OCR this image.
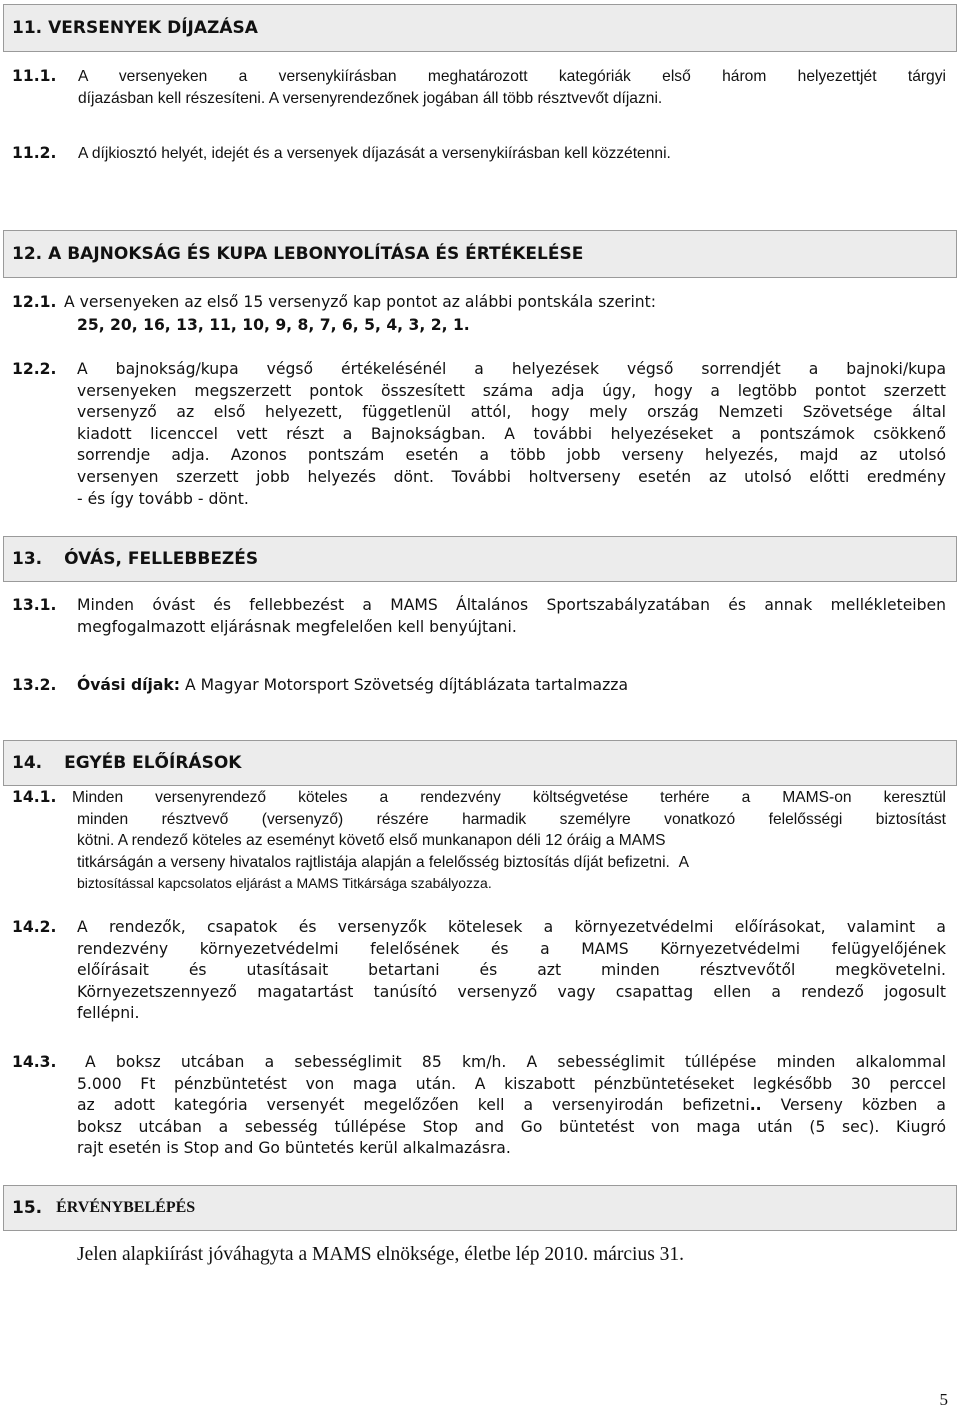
11. VERSENYEK DÍJAZÁSA
11.1.	A versenyeken a versenykiírásban meghatározott kategóriák első három helyezettjét tárgyi
díjazásban kell részesíteni. A versenyrendezőnek jogában áll több résztvevőt díjazni.
11.2.	A díjkiosztó helyét, idejét és a versenyek díjazását a versenykiírásban kell közzétenni.
12. A BAJNOKSÁG ÉS KUPA LEBONYOLÍTÁSA ÉS ÉRTÉKELÉSE
12.1. A versenyeken az első 15 versenyző kap pontot az alábbi pontskála szerint:
25, 20, 16, 13, 11, 10, 9, 8, 7, 6, 5, 4, 3, 2, 1.
12.2.	A bajnokság/kupa végső értékelésénél a helyezések végső sorrendjét a bajnoki/kupa
versenyeken megszerzett pontok összesített száma adja úgy, hogy a legtöbb pontot szerzett
versenyző az első helyezett, függetlenül attól, hogy mely ország Nemzeti Szövetsége által
kiadott licenccel vett részt a Bajnokságban. A további helyezéseket a pontszámok csökkenő
sorrendje adja. Azonos pontszám esetén a több jobb verseny helyezés, majd az utolsó
versenyen szerzett jobb helyezés dönt. További holtverseny esetén az utolsó előtti eredmény
- és így tovább - dönt.
13. ÓVÁS, FELLEBBEZÉS
13.1.	Minden óvást és fellebbezést a MAMS Általános Sportszabályzatában és annak mellékleteiben
megfogalmazott eljárásnak megfelelően kell benyújtani.
13.2.	Óvási díjak: A Magyar Motorsport Szövetség díjtáblázata tartalmazza
14. EGYÉB ELŐÍRÁSOK
14.1. Minden versenyrendező köteles a rendezvény költségvetése terhére a MAMS-on keresztül
minden résztvevő (versenyző) részére harmadik személyre vonatkozó felelősségi biztosítást
kötni. A rendező köteles az eseményt követő első munkanapon déli 12 óráig a MAMS
titkárságán a verseny hivatalos rajtlistája alapján a felelősség biztosítás díját befizetni. A
biztosítással kapcsolatos eljárást a MAMS Titkársága szabályozza.
14.2.	A rendezők, csapatok és versenyzők kötelesek a környezetvédelmi előírásokat, valamint a
rendezvény környezetvédelmi felelősének és a MAMS Környezetvédelmi felügyelőjének
előírásait és utasításait betartani és azt minden résztvevőtől megkövetelni.
Környezetszennyező magatartást tanúsító versenyző vagy csapattag ellen a rendező jogosult
fellépni.
14.3.	A boksz utcában a sebességlimit 85 km/h. A sebességlimit túllépése minden alkalommal
5.000 Ft pénzbüntetést von maga után. A kiszabott pénzbüntetéseket legkésőbb 30 perccel
az adott kategória versenyét megelőzően kell a versenyirodán befizetni.. Verseny közben a
boksz utcában a sebesség túllépése Stop and Go büntetést von maga után (5 sec). Kiugró
rajt esetén is Stop and Go büntetés kerül alkalmazásra.
15. ÉRVÉNYBELÉPÉS
Jelen alapkiírást jóváhagyta a MAMS elnöksége, életbe lép 2010. március 31.
5
